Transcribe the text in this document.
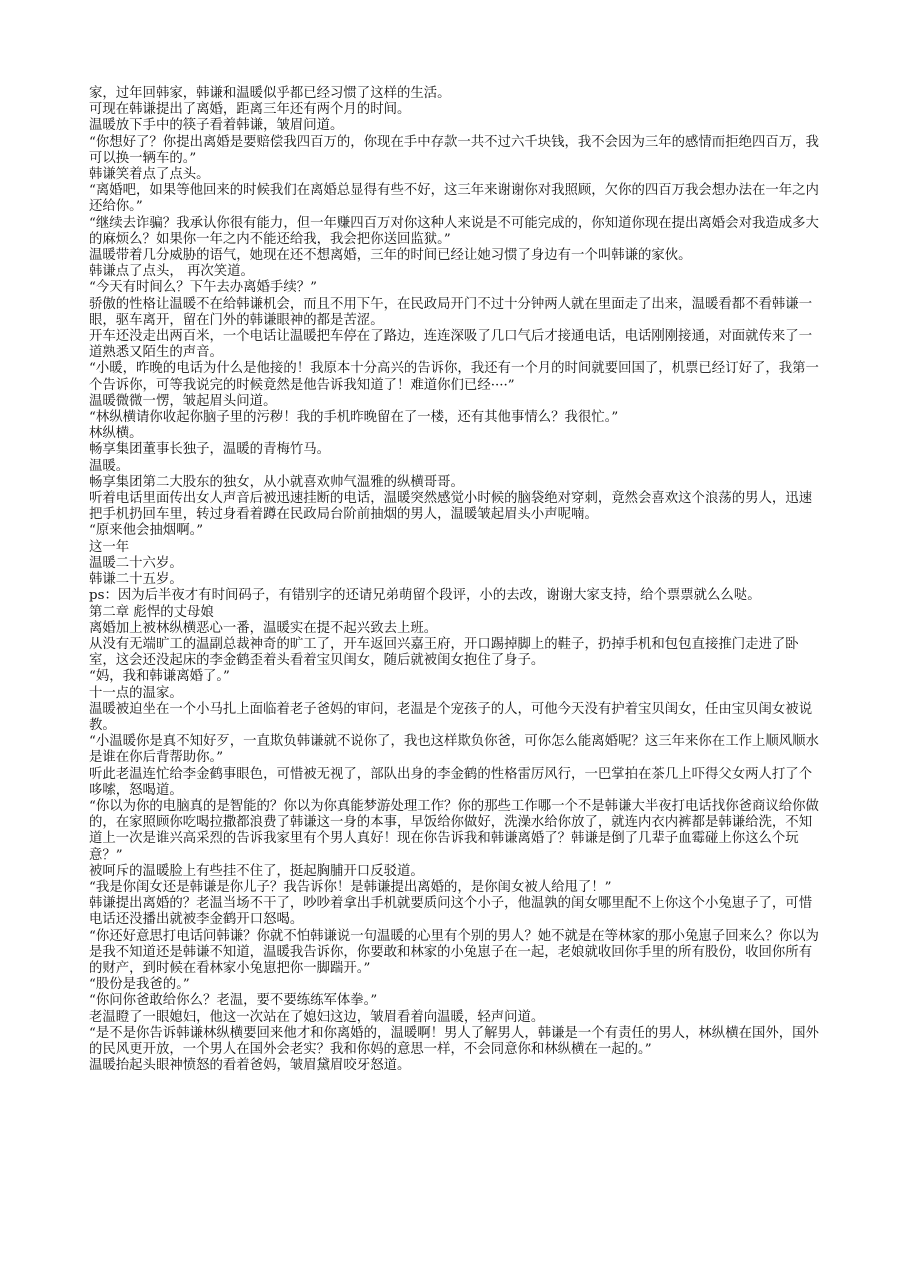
家，过年回韩家，韩谦和温暖似乎都已经习惯了这样的生活。

可现在韩谦提出了离婚，距离三年还有两个月的时间。

温暖放下手中的筷子看着韩谦，皱眉问道。

“你想好了？你提出离婚是要赔偿我四百万的，你现在手中存款一共不过六千块钱，我不会因为三年的感情而拒绝四百万，我可以换一辆车的。”

韩谦笑着点了点头。

“离婚吧，如果等他回来的时候我们在离婚总显得有些不好，这三年来谢谢你对我照顾，欠你的四百万我会想办法在一年之内还给你。”

“继续去诈骗？我承认你很有能力，但一年赚四百万对你这种人来说是不可能完成的，你知道你现在提出离婚会对我造成多大的麻烦么？如果你一年之内不能还给我，我会把你送回监狱。”

温暖带着几分威胁的语气，她现在还不想离婚，三年的时间已经让她习惯了身边有一个叫韩谦的家伙。

韩谦点了点头， 再次笑道。

“今天有时间么？下午去办离婚手续？”

骄傲的性格让温暖不在给韩谦机会，而且不用下午，在民政局开门不过十分钟两人就在里面走了出来，温暖看都不看韩谦一眼，驱车离开，留在门外的韩谦眼神的都是苦涩。

开车还没走出两百米，一个电话让温暖把车停在了路边，连连深吸了几口气后才接通电话，电话刚刚接通，对面就传来了一道熟悉又陌生的声音。

“小暖，昨晚的电话为什么是他接的！我原本十分高兴的告诉你，我还有一个月的时间就要回国了，机票已经订好了，我第一个告诉你，可等我说完的时候竟然是他告诉我知道了！难道你们已经····”

温暖微微一愣，皱起眉头问道。

“林纵横请你收起你脑子里的污秽！我的手机昨晚留在了一楼，还有其他事情么？我很忙。”

林纵横。

畅享集团董事长独子，温暖的青梅竹马。

温暖。

畅享集团第二大股东的独女，从小就喜欢帅气温雅的纵横哥哥。

听着电话里面传出女人声音后被迅速挂断的电话，温暖突然感觉小时候的脑袋绝对穿刺，竟然会喜欢这个浪荡的男人，迅速把手机扔回车里，转过身看着蹲在民政局台阶前抽烟的男人，温暖皱起眉头小声呢喃。

“原来他会抽烟啊。”

这一年

温暖二十六岁。

韩谦二十五岁。

ps：因为后半夜才有时间码子，有错别字的还请兄弟萌留个段评，小的去改，谢谢大家支持，给个票票就么么哒。

第二章 彪悍的丈母娘

离婚加上被林纵横恶心一番，温暖实在提不起兴致去上班。

从没有无端旷工的温副总裁神奇的旷工了，开车返回兴嘉王府，开口踢掉脚上的鞋子，扔掉手机和包包直接推门走进了卧室，这会还没起床的李金鹤歪着头看着宝贝闺女，随后就被闺女抱住了身子。

“妈，我和韩谦离婚了。”

十一点的温家。

温暖被迫坐在一个小马扎上面临着老子爸妈的审问，老温是个宠孩子的人，可他今天没有护着宝贝闺女，任由宝贝闺女被说教。

“小温暖你是真不知好歹，一直欺负韩谦就不说你了，我也这样欺负你爸，可你怎么能离婚呢？这三年来你在工作上顺风顺水是谁在你后背帮助你。”

听此老温连忙给李金鹤事眼色，可惜被无视了，部队出身的李金鹤的性格雷厉风行，一巴掌拍在茶几上吓得父女两人打了个哆嗦，怒喝道。

“你以为你的电脑真的是智能的？你以为你真能梦游处理工作？你的那些工作哪一个不是韩谦大半夜打电话找你爸商议给你做的，在家照顾你吃喝拉撒都浪费了韩谦这一身的本事，早饭给你做好，洗澡水给你放了，就连内衣内裤都是韩谦给洗，不知道上一次是谁兴高采烈的告诉我家里有个男人真好！现在你告诉我和韩谦离婚了？韩谦是倒了几辈子血霉碰上你这么个玩意？”

被呵斥的温暖脸上有些挂不住了，挺起胸脯开口反驳道。

“我是你闺女还是韩谦是你儿子？我告诉你！是韩谦提出离婚的，是你闺女被人给甩了！”

韩谦提出离婚的？老温当场不干了，吵吵着拿出手机就要质问这个小子，他温孰的闺女哪里配不上你这个小兔崽子了，可惜电话还没播出就被李金鹤开口怒喝。

“你还好意思打电话问韩谦？你就不怕韩谦说一句温暖的心里有个别的男人？她不就是在等林家的那小兔崽子回来么？你以为是我不知道还是韩谦不知道，温暖我告诉你，你要敢和林家的小兔崽子在一起，老娘就收回你手里的所有股份，收回你所有的财产，到时候在看林家小兔崽把你一脚踹开。”

“股份是我爸的。”

“你问你爸敢给你么？老温，要不要练练军体拳。”

老温瞪了一眼媳妇，他这一次站在了媳妇这边，皱眉看着向温暖，轻声问道。

“是不是你告诉韩谦林纵横要回来他才和你离婚的，温暖啊！男人了解男人，韩谦是一个有责任的男人，林纵横在国外，国外的民风更开放，一个男人在国外会老实？我和你妈的意思一样，不会同意你和林纵横在一起的。”

温暖抬起头眼神愤怒的看着爸妈，皱眉黛眉咬牙怒道。
